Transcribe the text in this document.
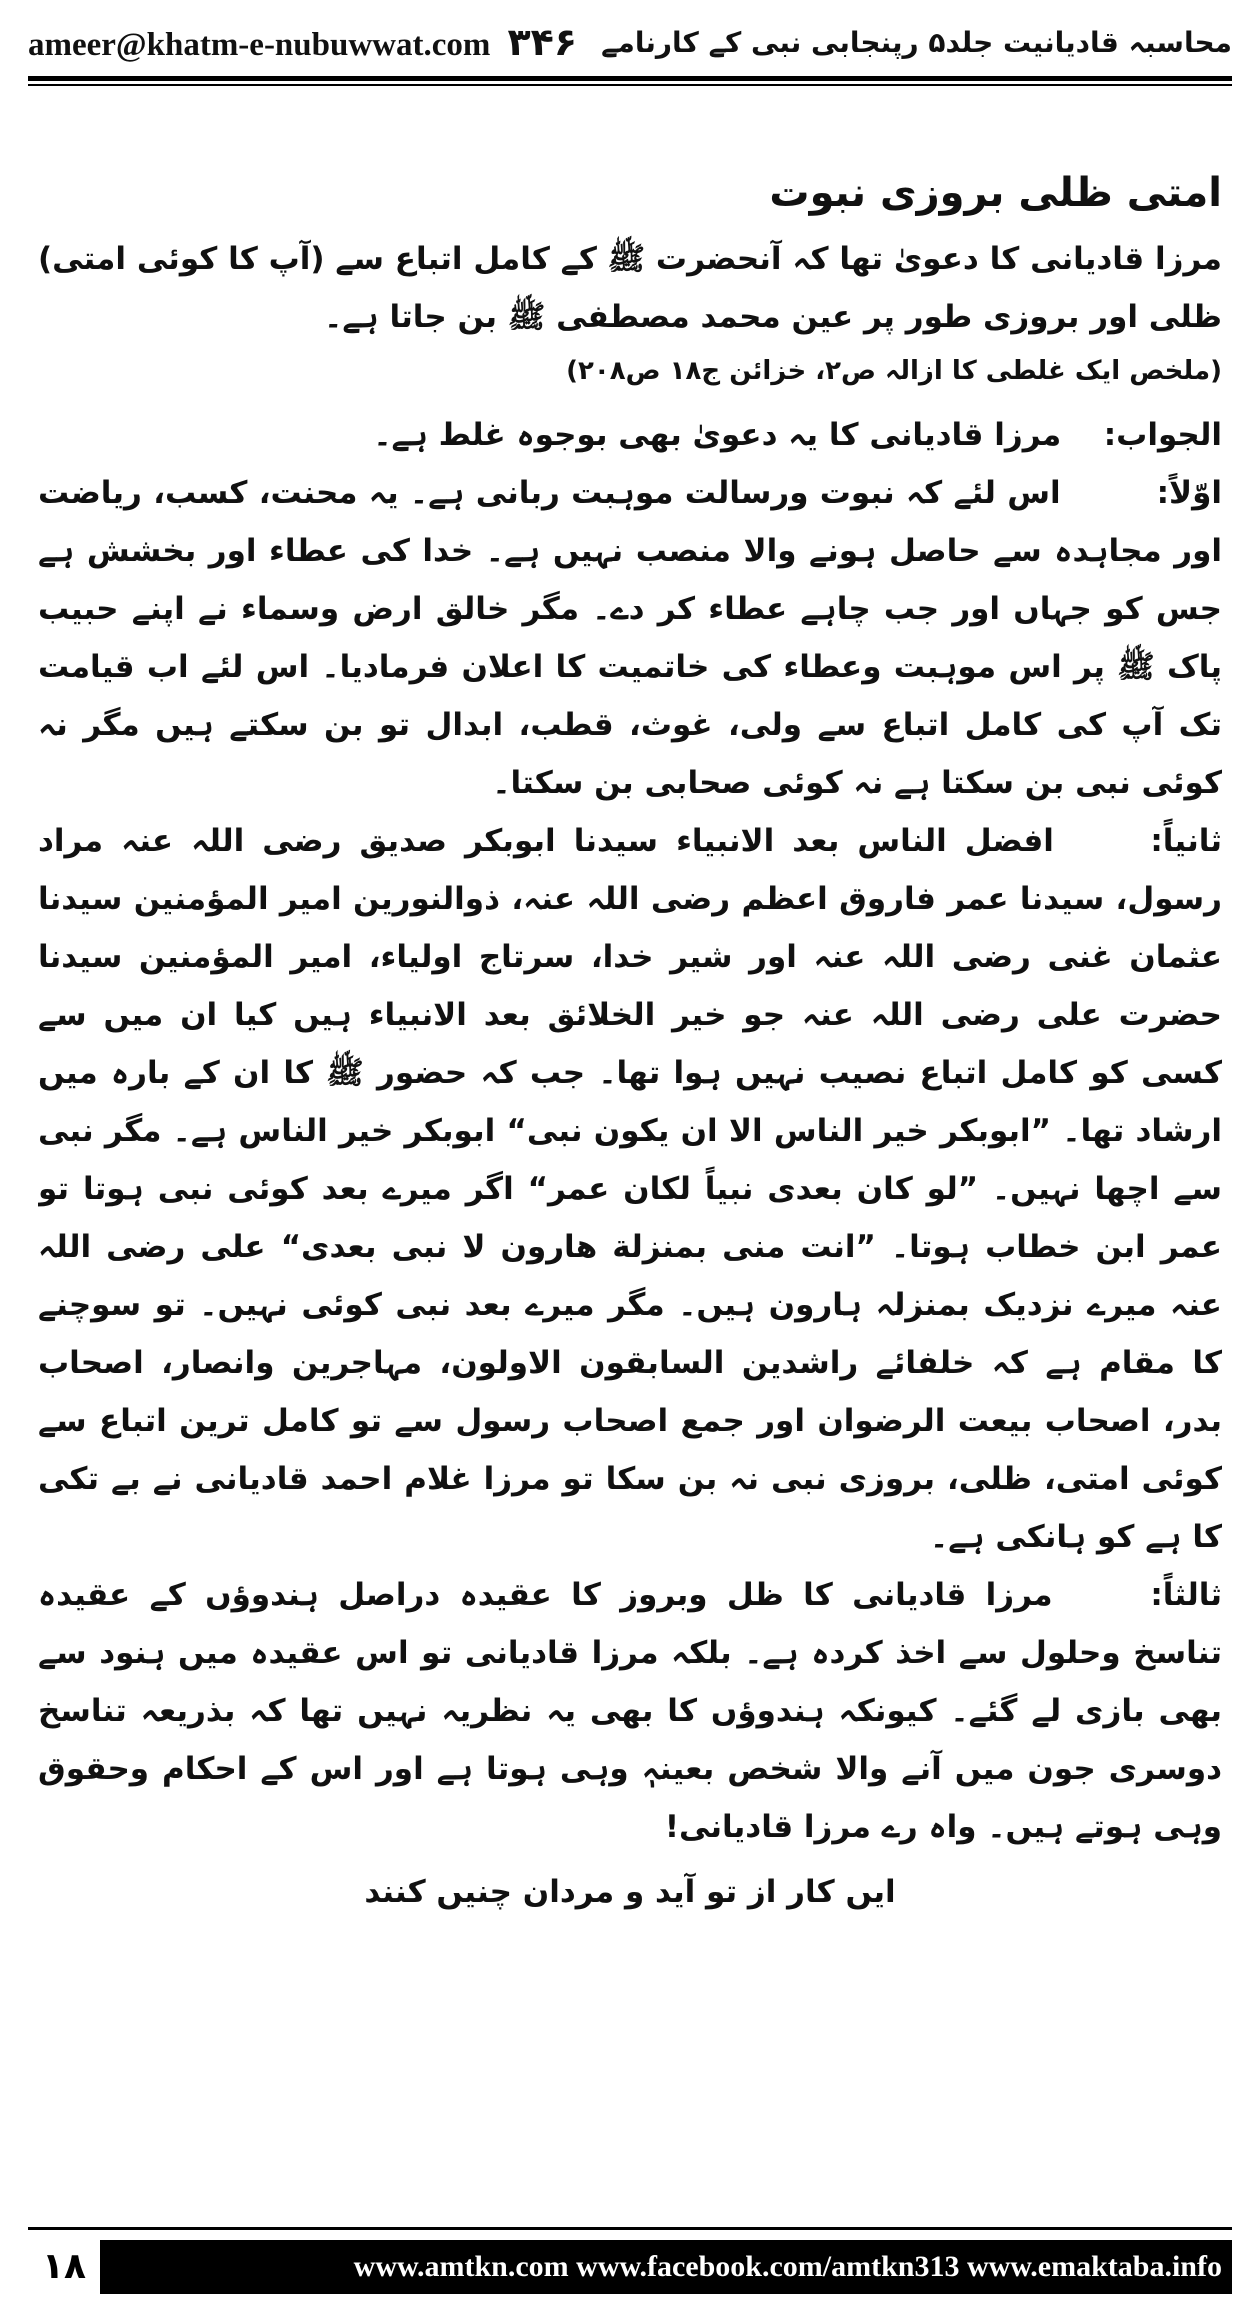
ameer@khatm-e-nubuwwat.com ۳۴۶ محاسبہ قادیانیت جلد۵ رپنجابی نبی کے کارنامے
امتی ظلی بروزی نبوت

مرزا قادیانی کا دعویٰ تھا کہ آنحضرت ﷺ کے کامل اتباع سے (آپ کا کوئی امتی) ظلی اور بروزی طور پر عین محمد مصطفی ﷺ بن جاتا ہے۔

(ملخص ایک غلطی کا ازالہ ص۲، خزائن ج۱۸ ص۲۰۸)

الجواب: مرزا قادیانی کا یہ دعویٰ بھی بوجوہ غلط ہے۔

اوّلاً: اس لئے کہ نبوت ورسالت موہبت ربانی ہے۔ یہ محنت، کسب، ریاضت اور مجاہدہ سے حاصل ہونے والا منصب نہیں ہے۔ خدا کی عطاء اور بخشش ہے جس کو جہاں اور جب چاہے عطاء کر دے۔ مگر خالق ارض وسماء نے اپنے حبیب پاک ﷺ پر اس موہبت وعطاء کی خاتمیت کا اعلان فرمادیا۔ اس لئے اب قیامت تک آپ کی کامل اتباع سے ولی، غوث، قطب، ابدال تو بن سکتے ہیں مگر نہ کوئی نبی بن سکتا ہے نہ کوئی صحابی بن سکتا۔

ثانیاً: افضل الناس بعد الانبیاء سیدنا ابوبکر صدیق رضی اللہ عنہ مراد رسول، سیدنا عمر فاروق اعظم رضی اللہ عنہ، ذوالنورین امیر المؤمنین سیدنا عثمان غنی رضی اللہ عنہ اور شیر خدا، سرتاج اولیاء، امیر المؤمنین سیدنا حضرت علی رضی اللہ عنہ جو خیر الخلائق بعد الانبیاء ہیں کیا ان میں سے کسی کو کامل اتباع نصیب نہیں ہوا تھا۔ جب کہ حضور ﷺ کا ان کے بارہ میں ارشاد تھا۔ ”ابوبکر خیر الناس الا ان یکون نبی“ ابوبکر خیر الناس ہے۔ مگر نبی سے اچھا نہیں۔ ”لو کان بعدی نبیاً لکان عمر“ اگر میرے بعد کوئی نبی ہوتا تو عمر ابن خطاب ہوتا۔ ”انت منی بمنزلة هارون لا نبی بعدی“ علی رضی اللہ عنہ میرے نزدیک بمنزلہ ہارون ہیں۔ مگر میرے بعد نبی کوئی نہیں۔ تو سوچنے کا مقام ہے کہ خلفائے راشدین السابقون الاولون، مہاجرین وانصار، اصحاب بدر، اصحاب بیعت الرضوان اور جمع اصحاب رسول سے تو کامل ترین اتباع سے کوئی امتی، ظلی، بروزی نبی نہ بن سکا تو مرزا غلام احمد قادیانی نے بے تکی کا ہے کو ہانکی ہے۔

ثالثاً: مرزا قادیانی کا ظل وبروز کا عقیدہ دراصل ہندوؤں کے عقیدہ تناسخ وحلول سے اخذ کردہ ہے۔ بلکہ مرزا قادیانی تو اس عقیدہ میں ہنود سے بھی بازی لے گئے۔ کیونکہ ہندوؤں کا بھی یہ نظریہ نہیں تھا کہ بذریعہ تناسخ دوسری جون میں آنے والا شخص بعینہٖ وہی ہوتا ہے اور اس کے احکام وحقوق وہی ہوتے ہیں۔ واہ رے مرزا قادیانی!

ایں کار از تو آید و مردان چنیں کنند
۱۸	www.amtkn.com www.facebook.com/amtkn313 www.emaktaba.info
